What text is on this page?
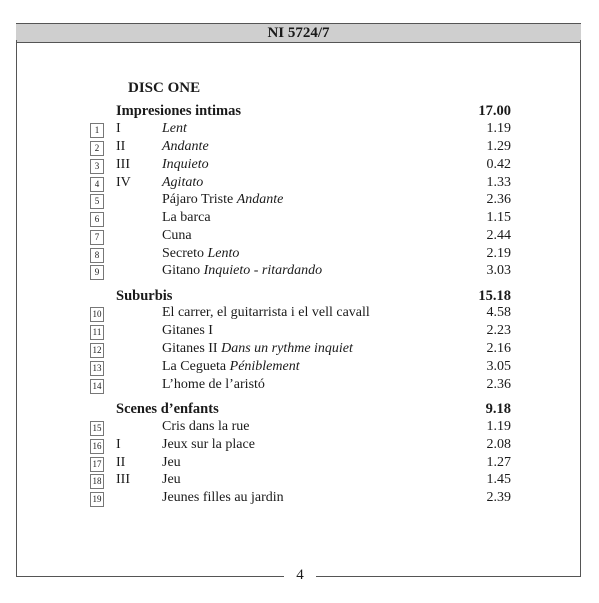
NI 5724/7
DISC ONE
Impresiones intimas	17.00
1	I	Lent	1.19
2	II	Andante	1.29
3	III Inquieto	0.42
4	IV Agitato	1.33
5	Pájaro Triste Andante	2.36
6	La barca	1.15
7	Cuna	2.44
8	Secreto Lento	2.19
9	Gitano Inquieto - ritardando	3.03
Suburbis	15.18
10	El carrer, el guitarrista i el vell cavall	4.58
11	Gitanes I	2.23
12	Gitanes II Dans un rythme inquiet	2.16
13	La Cegueta Péniblement	3.05
14	L’home de l’aristó	2.36
Scenes d’enfants	9.18
15	Cris dans la rue	1.19
16 I	Jeux sur la place	2.08
17 II	Jeu	1.27
18 III Jeu	1.45
19	Jeunes filles au jardin	2.39
4
